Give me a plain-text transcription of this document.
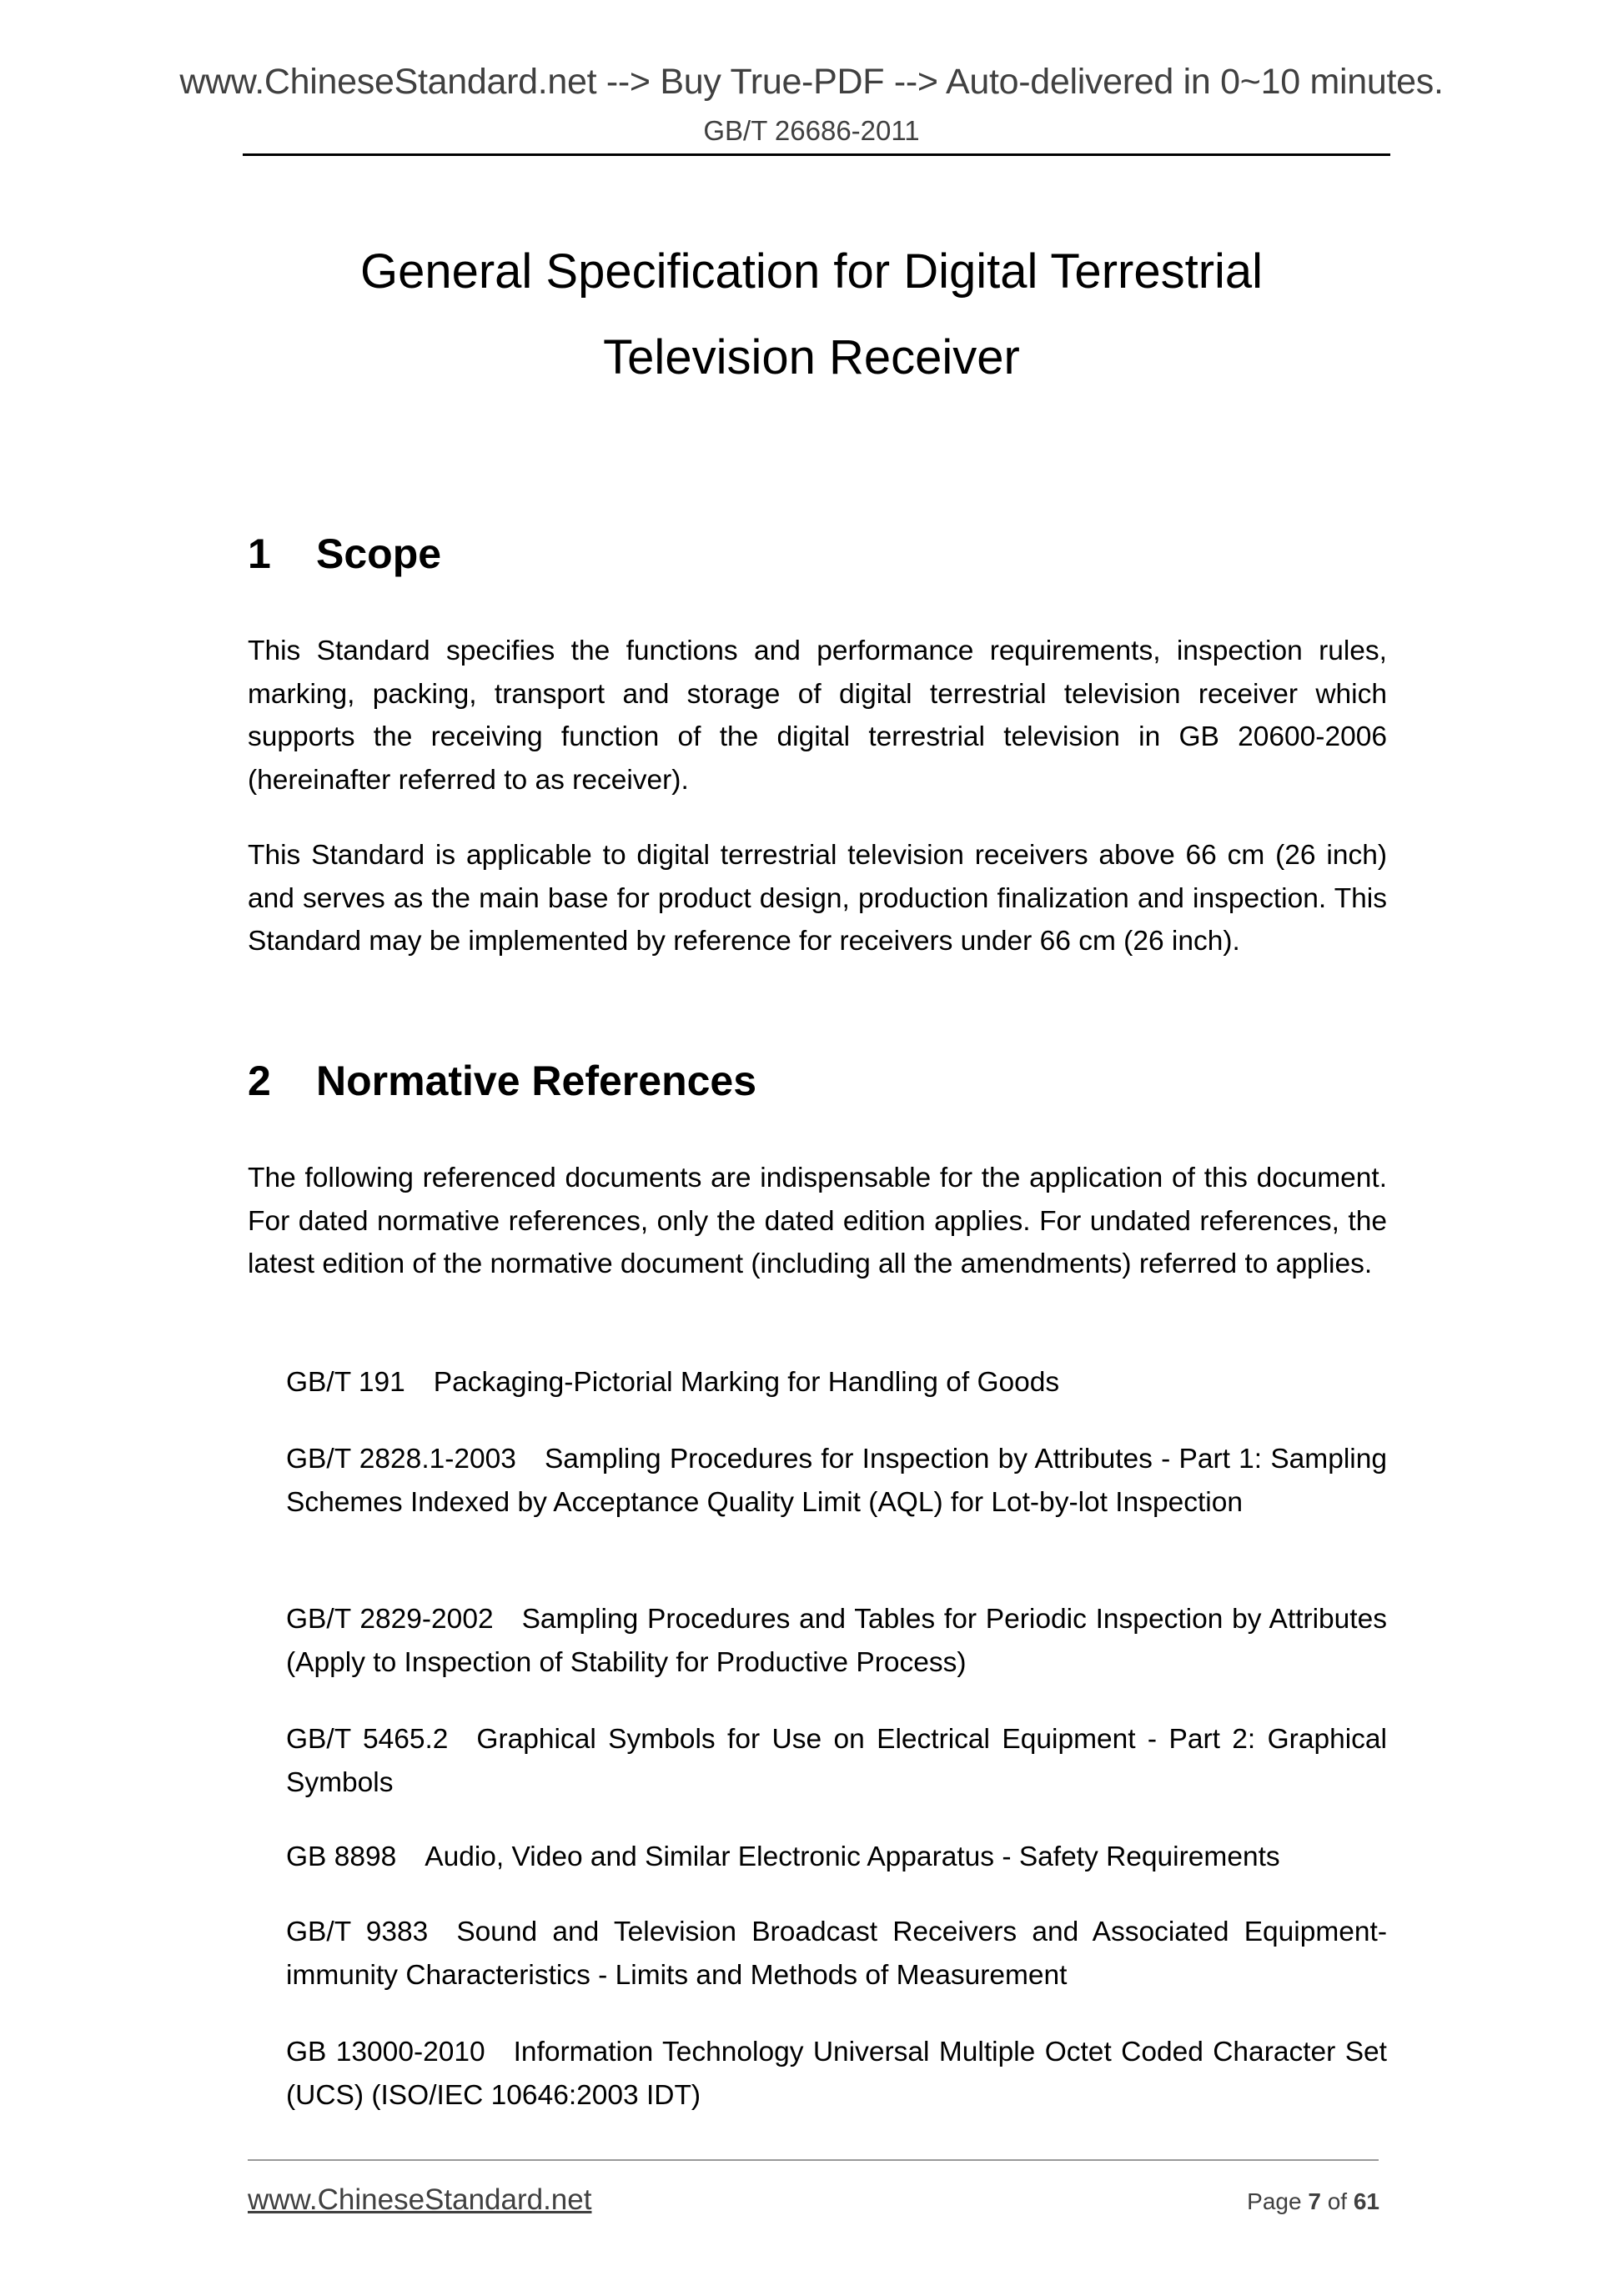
www.ChineseStandard.net --> Buy True-PDF --> Auto-delivered in 0~10 minutes.
GB/T 26686-2011
General Specification for Digital Terrestrial
Television Receiver
1 Scope
This Standard specifies the functions and performance requirements, inspection rules, marking, packing, transport and storage of digital terrestrial television receiver which supports the receiving function of the digital terrestrial television in GB 20600-2006 (hereinafter referred to as receiver).
This Standard is applicable to digital terrestrial television receivers above 66 cm (26 inch) and serves as the main base for product design, production finalization and inspection. This Standard may be implemented by reference for receivers under 66 cm (26 inch).
2 Normative References
The following referenced documents are indispensable for the application of this document. For dated normative references, only the dated edition applies. For undated references, the latest edition of the normative document (including all the amendments) referred to applies.
GB/T 191 Packaging-Pictorial Marking for Handling of Goods
GB/T 2828.1-2003 Sampling Procedures for Inspection by Attributes - Part 1: Sampling Schemes Indexed by Acceptance Quality Limit (AQL) for Lot-by-lot Inspection
GB/T 2829-2002 Sampling Procedures and Tables for Periodic Inspection by Attributes (Apply to Inspection of Stability for Productive Process)
GB/T 5465.2 Graphical Symbols for Use on Electrical Equipment - Part 2: Graphical Symbols
GB 8898 Audio, Video and Similar Electronic Apparatus - Safety Requirements
GB/T 9383 Sound and Television Broadcast Receivers and Associated Equipment-immunity Characteristics - Limits and Methods of Measurement
GB 13000-2010 Information Technology Universal Multiple Octet Coded Character Set (UCS) (ISO/IEC 10646:2003 IDT)
www.ChineseStandard.net	Page 7 of 61
